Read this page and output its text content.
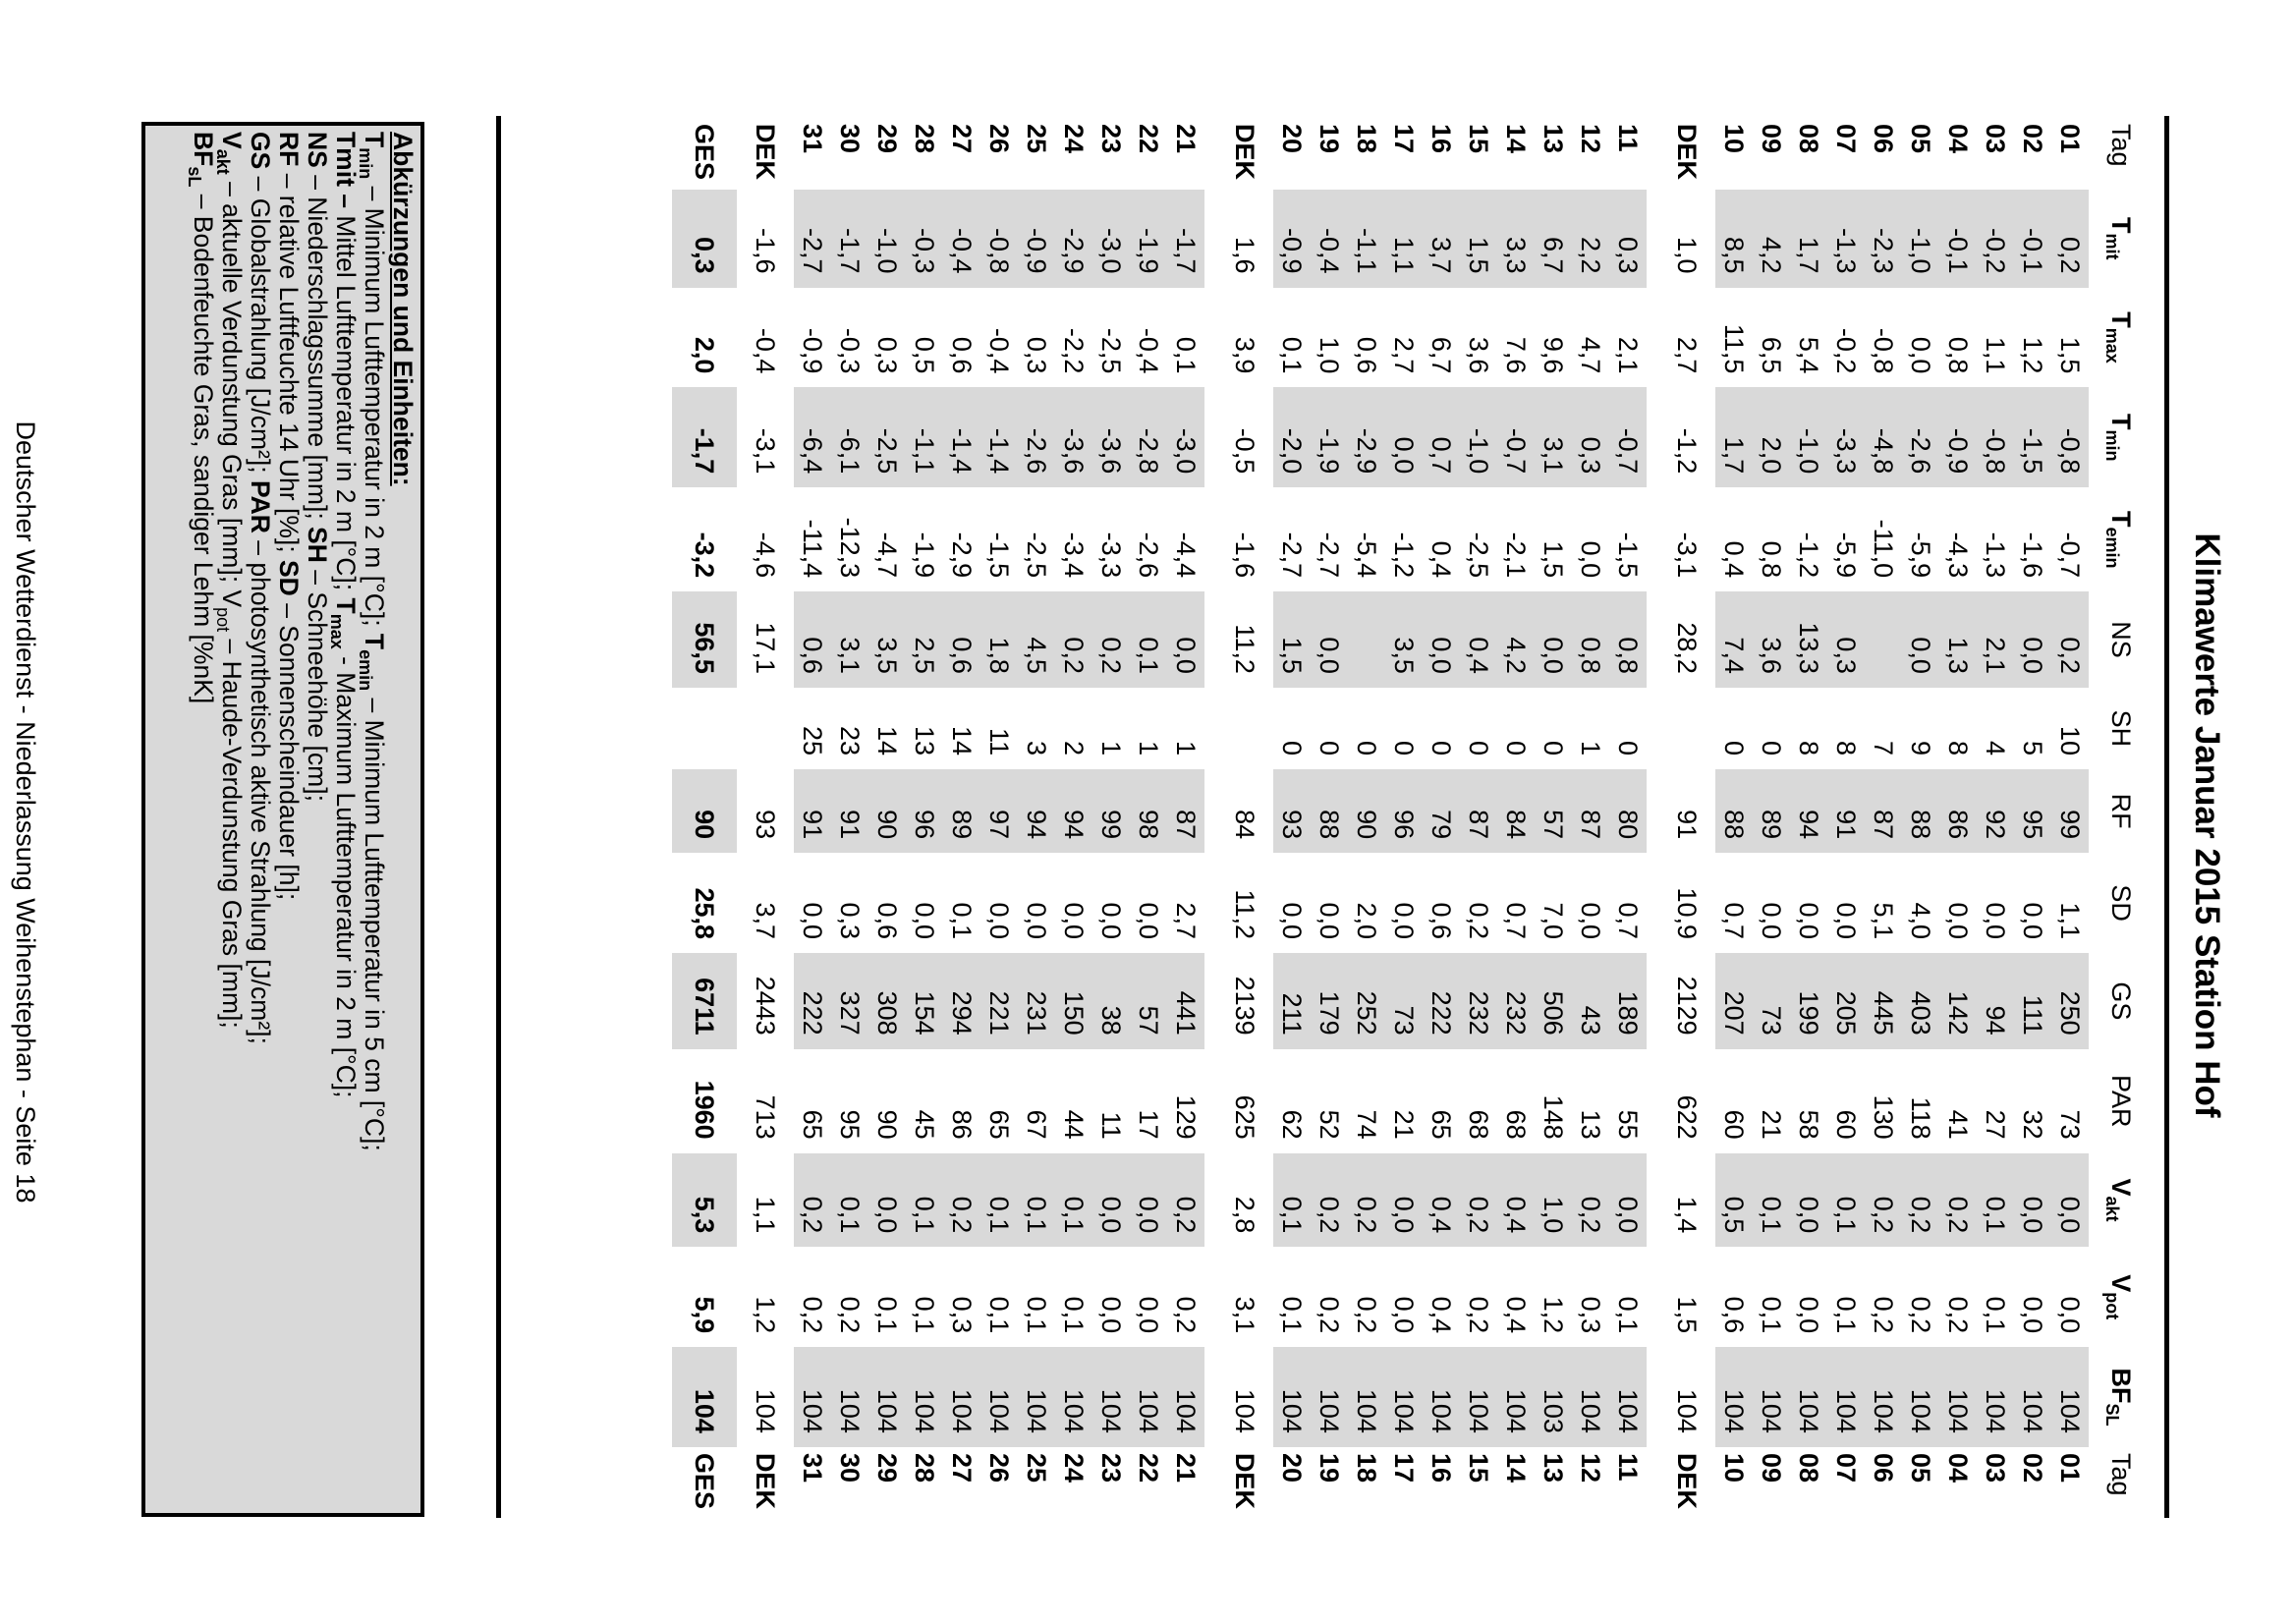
Klimawerte Januar 2015 Station Hof
Tag	$T_{mit}$	$T_{max}$	$T_{min}$	$T_{emin}$	NS	SH	RF	SD	GS	PAR	$V_{akt}$	$V_{pot}$	$BF_{SL}$	Tag
01	0,2	1,5	-0,8	-0,7	0,2	10	99	1,1	250	73	0,0	0,0	104	01
02	-0,1	1,2	-1,5	-1,6	0,0	5	95	0,0	111	32	0,0	0,0	104	02
03	-0,2	1,1	-0,8	-1,3	2,1	4	92	0,0	94	27	0,1	0,1	104	03
04	-0,1	0,8	-0,9	-4,3	1,3	8	86	0,0	142	41	0,2	0,2	104	04
05	-1,0	0,0	-2,6	-5,9	0,0	9	88	4,0	403	118	0,2	0,2	104	05
06	-2,3	-0,8	-4,8	-11,0		7	87	5,1	445	130	0,2	0,2	104	06
07	-1,3	-0,2	-3,3	-5,9	0,3	8	91	0,0	205	60	0,1	0,1	104	07
08	1,7	5,4	-1,0	-1,2	13,3	8	94	0,0	199	58	0,0	0,0	104	08
09	4,2	6,5	2,0	0,8	3,6	0	89	0,0	73	21	0,1	0,1	104	09
10	8,5	11,5	1,7	0,4	7,4	0	88	0,7	207	60	0,5	0,6	104	10
DEK	1,0	2,7	-1,2	-3,1	28,2		91	10,9	2129	622	1,4	1,5	104	DEK
11	0,3	2,1	-0,7	-1,5	0,8	0	80	0,7	189	55	0,0	0,1	104	11
12	2,2	4,7	0,3	0,0	0,8	1	87	0,0	43	13	0,2	0,3	104	12
13	6,7	9,6	3,1	1,5	0,0	0	57	7,0	506	148	1,0	1,2	103	13
14	3,3	7,6	-0,7	-2,1	4,2	0	84	0,7	232	68	0,4	0,4	104	14
15	1,5	3,6	-1,0	-2,5	0,4	0	87	0,2	232	68	0,2	0,2	104	15
16	3,7	6,7	0,7	0,4	0,0	0	79	0,6	222	65	0,4	0,4	104	16
17	1,1	2,7	0,0	-1,2	3,5	0	96	0,0	73	21	0,0	0,0	104	17
18	-1,1	0,6	-2,9	-5,4		0	90	2,0	252	74	0,2	0,2	104	18
19	-0,4	1,0	-1,9	-2,7	0,0	0	88	0,0	179	52	0,2	0,2	104	19
20	-0,9	0,1	-2,0	-2,7	1,5	0	93	0,0	211	62	0,1	0,1	104	20
DEK	1,6	3,9	-0,5	-1,6	11,2		84	11,2	2139	625	2,8	3,1	104	DEK
21	-1,7	0,1	-3,0	-4,4	0,0	1	87	2,7	441	129	0,2	0,2	104	21
22	-1,9	-0,4	-2,8	-2,6	0,1	1	98	0,0	57	17	0,0	0,0	104	22
23	-3,0	-2,5	-3,6	-3,3	0,2	1	99	0,0	38	11	0,0	0,0	104	23
24	-2,9	-2,2	-3,6	-3,4	0,2	2	94	0,0	150	44	0,1	0,1	104	24
25	-0,9	0,3	-2,6	-2,5	4,5	3	94	0,0	231	67	0,1	0,1	104	25
26	-0,8	-0,4	-1,4	-1,5	1,8	11	97	0,0	221	65	0,1	0,1	104	26
27	-0,4	0,6	-1,4	-2,9	0,6	14	89	0,1	294	86	0,2	0,3	104	27
28	-0,3	0,5	-1,1	-1,9	2,5	13	96	0,0	154	45	0,1	0,1	104	28
29	-1,0	0,3	-2,5	-4,7	3,5	14	90	0,6	308	90	0,0	0,1	104	29
30	-1,7	-0,3	-6,1	-12,3	3,1	23	91	0,3	327	95	0,1	0,2	104	30
31	-2,7	-0,9	-6,4	-11,4	0,6	25	91	0,0	222	65	0,2	0,2	104	31
DEK	-1,6	-0,4	-3,1	-4,6	17,1		93	3,7	2443	713	1,1	1,2	104	DEK
GES	0,3	2,0	-1,7	-3,2	56,5		90	25,8	6711	1960	5,3	5,9	104	GES
Abkürzungen und Einheiten:
$T_{min}$ – Minimum Lufttemperatur in 2 m [°C]; $T_{emin}$ – Minimum Lufttemperatur in 5 cm [°C];
Tmit – Mittel Lufttemperatur in 2 m [°C]; $T_{max}$ - Maximum Lufttemperatur in 2 m [°C];
NS – Niederschlagssumme [mm]; SH – Schneehöhe [cm];
RF – relative Luftfeuchte 14 Uhr [%]; SD – Sonnenscheindauer [h];
GS – Globalstrahlung [J/cm²]; PAR – photosynthetisch aktive Strahlung [J/cm²];
$V_{akt}$ – aktuelle Verdunstung Gras [mm]; $V_{pot}$ – Haude-Verdunstung Gras [mm];
$BF_{sL}$ – Bodenfeuchte Gras, sandiger Lehm [%nK]
Deutscher Wetterdienst - Niederlassung Weihenstephan - Seite 18
